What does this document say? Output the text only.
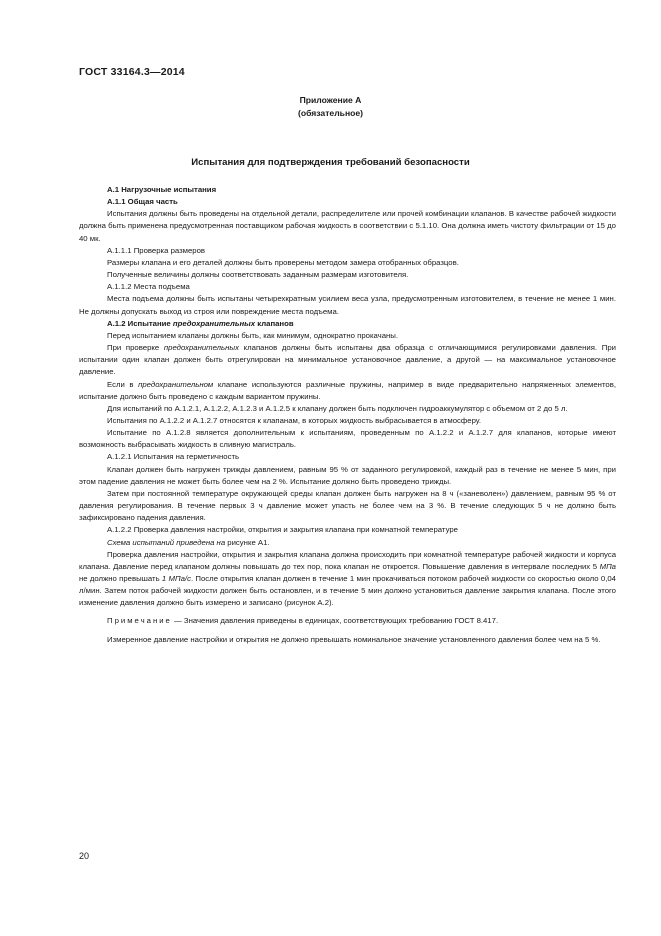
ГОСТ 33164.3—2014
Приложение А
(обязательное)
Испытания для подтверждения требований безопасности

А.1 Нагрузочные испытания

А.1.1 Общая часть

Испытания должны быть проведены на отдельной детали, распределителе или прочей комбинации клапанов. В качестве рабочей жидкости должна быть применена предусмотренная поставщиком рабочая жидкость в соответствии с 5.1.10. Она должна иметь чистоту фильтрации от 15 до 40 мк.

А.1.1.1 Проверка размеров

Размеры клапана и его деталей должны быть проверены методом замера отобранных образцов.

Полученные величины должны соответствовать заданным размерам изготовителя.

А.1.1.2 Места подъема

Места подъема должны быть испытаны четырехкратным усилием веса узла, предусмотренным изготовителем, в течение не менее 1 мин. Не должны допускать выход из строя или повреждение места подъема.

А.1.2 Испытание предохранительных клапанов

Перед испытанием клапаны должны быть, как минимум, однократно прокачаны.

При проверке предохранительных клапанов должны быть испытаны два образца с отличающимися регулировками давления. При испытании один клапан должен быть отрегулирован на минимальное установочное давление, а другой — на максимальное установочное давление.

Если в предохранительном клапане используются различные пружины, например в виде предварительно напряженных элементов, испытание должно быть проведено с каждым вариантом пружины.

Для испытаний по А.1.2.1, А.1.2.2, А.1.2.3 и А.1.2.5 к клапану должен быть подключен гидроаккумулятор с объемом от 2 до 5 л.

Испытания по А.1.2.2 и А.1.2.7 относятся к клапанам, в которых жидкость выбрасывается в атмосферу.

Испытание по А.1.2.8 является дополнительным к испытаниям, проведенным по А.1.2.2 и А.1.2.7 для клапанов, которые имеют возможность выбрасывать жидкость в сливную магистраль.

А.1.2.1 Испытания на герметичность

Клапан должен быть нагружен трижды давлением, равным 95 % от заданного регулировкой, каждый раз в течение не менее 5 мин, при этом падение давления не может быть более чем на 2 %. Испытание должно быть проведено трижды.

Затем при постоянной температуре окружающей среды клапан должен быть нагружен на 8 ч («заневолен») давлением, равным 95 % от давления регулирования. В течение первых 3 ч давление может упасть не более чем на 3 %. В течение следующих 5 ч не должно быть зафиксировано падения давления.

А.1.2.2 Проверка давления настройки, открытия и закрытия клапана при комнатной температуре

Схема испытаний приведена на рисунке А1.

Проверка давления настройки, открытия и закрытия клапана должна происходить при комнатной температуре рабочей жидкости и корпуса клапана. Давление перед клапаном должны повышать до тех пор, пока клапан не откроется. Повышение давления в интервале последних 5 МПа не должно превышать 1 МПа/с. После открытия клапан должен в течение 1 мин прокачиваться потоком рабочей жидкости со скоростью около 0,04 л/мин. Затем поток рабочей жидкости должен быть остановлен, и в течение 5 мин должно установиться давление закрытия клапана. После этого изменение давления должно быть измерено и записано (рисунок А.2).

Примечание — Значения давления приведены в единицах, соответствующих требованию ГОСТ 8.417.

Измеренное давление настройки и открытия не должно превышать номинальное значение установленного давления более чем на 5 %.

20
